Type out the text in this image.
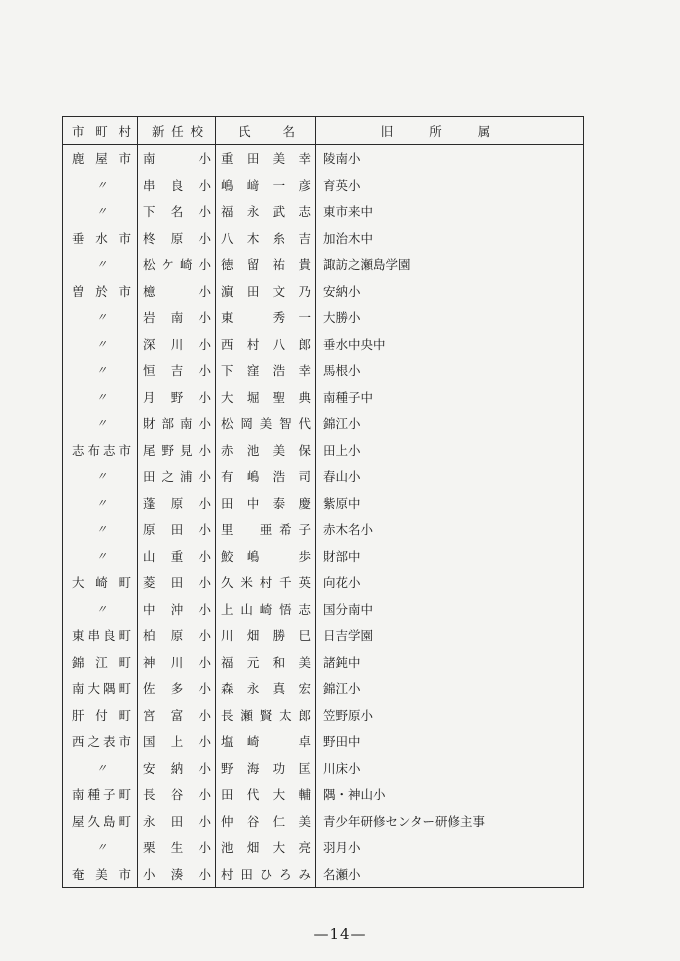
市町村	新任校	氏名	旧所属
鹿屋市 南　　小 重田美幸 陵南小
〃	串良小 嶋﨑一彦 育英小
〃	下名小 福永武志 東市来中
垂水市 柊原小 八木糸吉 加治木中
〃	松ケ崎小 徳留祐貴 諏訪之瀬島学園
曽於市 檍　　小 濵田文乃 安納小
〃	岩南小 東　秀一 大勝小
〃	深川小 西村八郎 垂水中央中
〃	恒吉小 下窪浩幸 馬根小
〃	月野小 大堀聖典 南種子中
〃	財部南小 松岡美智代 錦江小
志布志市 尾野見小 赤池美保 田上小
〃	田之浦小 有嶋浩司 春山小
〃	蓬原小 田中泰慶 紫原中
〃	原田小 里　亜希子 赤木名小
〃	山重小 鮫嶋　歩 財部中
大崎町 菱田小 久米村千英 向花小
〃	中沖小 上山崎悟志 国分南中
東串良町 柏原小 川畑勝巳 日吉学園
錦江町 神川小 福元和美 諸鈍中
南大隅町 佐多小 森永真宏 錦江小
肝付町 宮富小 長瀬賢太郎 笠野原小
西之表市 国上小 塩崎　卓 野田中
〃	安納小 野海功匡 川床小
南種子町 長谷小 田代大輔 隅・神山小
屋久島町 永田小 仲谷仁美 青少年研修センター研修主事
〃	栗生小 池畑大亮 羽月小
奄美市 小湊小 村田ひろみ 名瀬小
—14—
